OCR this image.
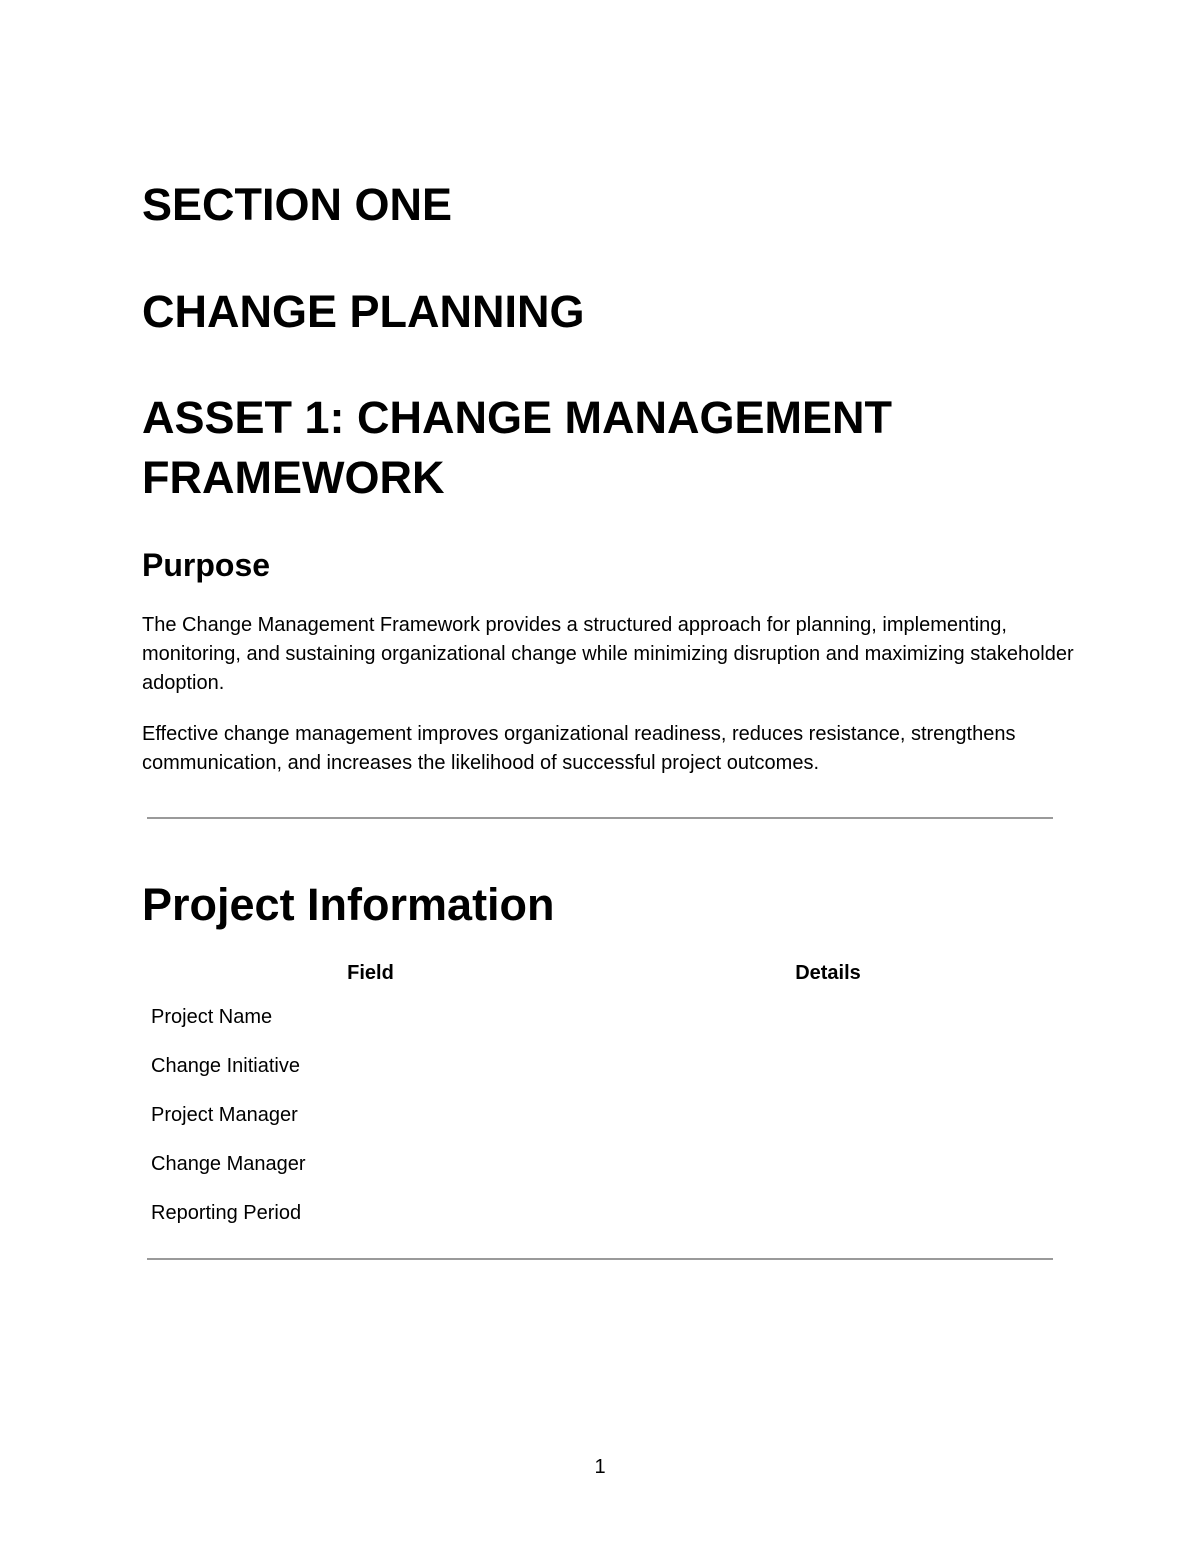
SECTION ONE
CHANGE PLANNING
ASSET 1: CHANGE MANAGEMENT FRAMEWORK
Purpose

The Change Management Framework provides a structured approach for planning, implementing, monitoring, and sustaining organizational change while minimizing disruption and maximizing stakeholder adoption.

Effective change management improves organizational readiness, reduces resistance, strengthens communication, and increases the likelihood of successful project outcomes.

Project Information
Field	Details
Project Name	
Change Initiative	
Project Manager	
Change Manager	
Reporting Period	
1
